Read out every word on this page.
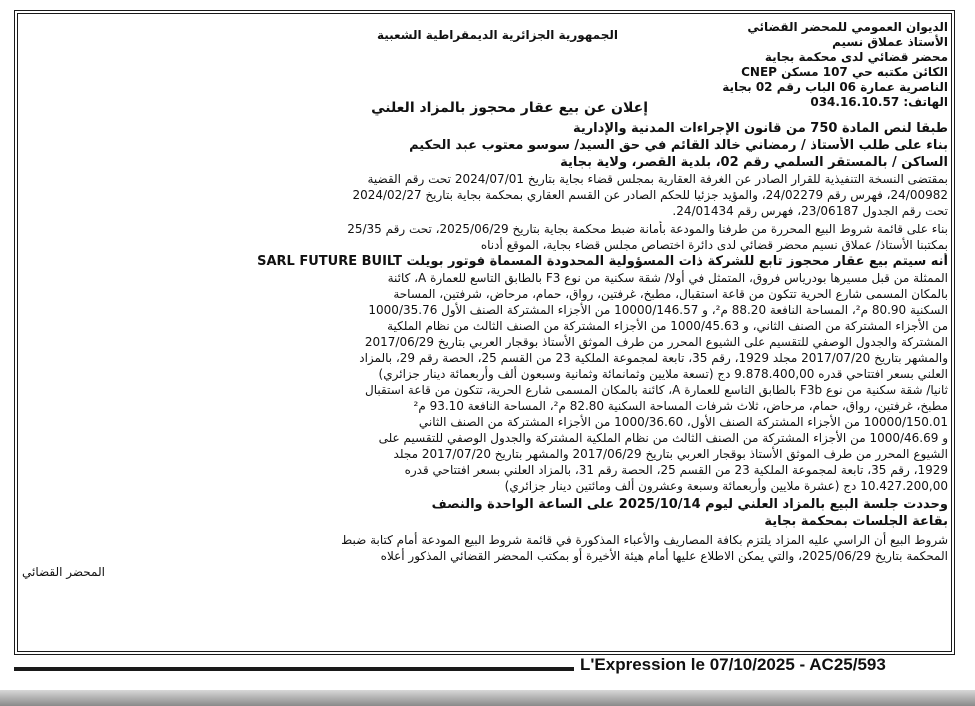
الديوان العمومي للمحضر القضائي
الأستاذ عملاق نسيم
محضر قضائي لدى محكمة بجاية
الكائن مكتبه حي 107 مسكن CNEP
الناصرية عمارة 06 الباب رقم 02 بجاية
الهاتف: 034.16.10.57
الجمهورية الجزائرية الديمقراطية الشعبية
إعلان عن بيع عقار محجوز بالمزاد العلني
طبقا لنص المادة 750 من قانون الإجراءات المدنية والإدارية
بناء على طلب الأستاذ / رمضاني خالد القائم في حق السيد/ سوسو معتوب عبد الحكيم
الساكن / بالمستقر السلمي رقم 02، بلدية القصر، ولاية بجاية
بمقتضى النسخة التنفيذية للقرار الصادر عن الغرفة العقارية بمجلس قضاء بجاية بتاريخ 2024/07/01 تحت رقم القضية
24/00982، فهرس رقم 24/02279، والمؤيد جزئيا للحكم الصادر عن القسم العقاري بمحكمة بجاية بتاريخ 2024/02/27
تحت رقم الجدول 23/06187، فهرس رقم 24/01434.
بناء على قائمة شروط البيع المحررة من طرفنا والمودعة بأمانة ضبط محكمة بجاية بتاريخ 2025/06/29، تحت رقم 25/35
بمكتبنا الأستاذ/ عملاق نسيم محضر قضائي لدى دائرة اختصاص مجلس قضاء بجاية، الموقع أدناه
أنه سيتم بيع عقار محجوز تابع للشركة ذات المسؤولية المحدودة المسماة فوتور بويلت SARL FUTURE BUILT
الممثلة من قبل مسيرها بودرياس فروق، المتمثل في أولا/ شقة سكنية من نوع F3 بالطابق التاسع للعمارة A، كائنة
بالمكان المسمى شارع الحرية تتكون من قاعة استقبال، مطبخ، غرفتين، رواق، حمام، مرحاض، شرفتين، المساحة
السكنية 80.90 م²، المساحة النافعة 88.20 م²، و 10000/146.57 من الأجزاء المشتركة الصنف الأول 1000/35.76
من الأجزاء المشتركة من الصنف الثاني، و 1000/45.63 من الأجزاء المشتركة من الصنف الثالث من نظام الملكية
المشتركة والجدول الوصفي للتقسيم على الشيوع المحرر من طرف الموثق الأستاذ بوقجار العربي بتاريخ 2017/06/29
والمشهر بتاريخ 2017/07/20 مجلد 1929، رقم 35، تابعة لمجموعة الملكية 23 من القسم 25، الحصة رقم 29، بالمزاد
العلني بسعر افتتاحي قدره 9.878.400,00 دج (تسعة ملايين وثمانمائة وثمانية وسبعون ألف وأربعمائة دينار جزائري)
ثانيا/ شقة سكنية من نوع F3b بالطابق التاسع للعمارة A، كائنة بالمكان المسمى شارع الحرية، تتكون من قاعة استقبال
مطبخ، غرفتين، رواق، حمام، مرحاض، ثلاث شرفات المساحة السكنية 82.80 م²، المساحة النافعة 93.10 م²
10000/150.01 من الأجزاء المشتركة الصنف الأول، 1000/36.60 من الأجزاء المشتركة من الصنف الثاني
و 1000/46.69 من الأجزاء المشتركة من الصنف الثالث من نظام الملكية المشتركة والجدول الوصفي للتقسيم على
الشيوع المحرر من طرف الموثق الأستاذ بوقجار العربي بتاريخ 2017/06/29 والمشهر بتاريخ 2017/07/20 مجلد
1929، رقم 35، تابعة لمجموعة الملكية 23 من القسم 25، الحصة رقم 31، بالمزاد العلني بسعر افتتاحي قدره
10.427.200,00 دج (عشرة ملايين وأربعمائة وسبعة وعشرون ألف ومائتين دينار جزائري)
وحددت جلسة البيع بالمزاد العلني ليوم 2025/10/14 على الساعة الواحدة والنصف
بقاعة الجلسات بمحكمة بجاية
شروط البيع أن الراسي عليه المزاد يلتزم بكافة المصاريف والأعباء المذكورة في قائمة شروط البيع المودعة أمام كتابة ضبط
المحكمة بتاريخ 2025/06/29، والتي يمكن الاطلاع عليها أمام هيئة الأخيرة أو بمكتب المحضر القضائي المذكور أعلاه
المحضر القضائي
L'Expression le 07/10/2025 - AC25/593
